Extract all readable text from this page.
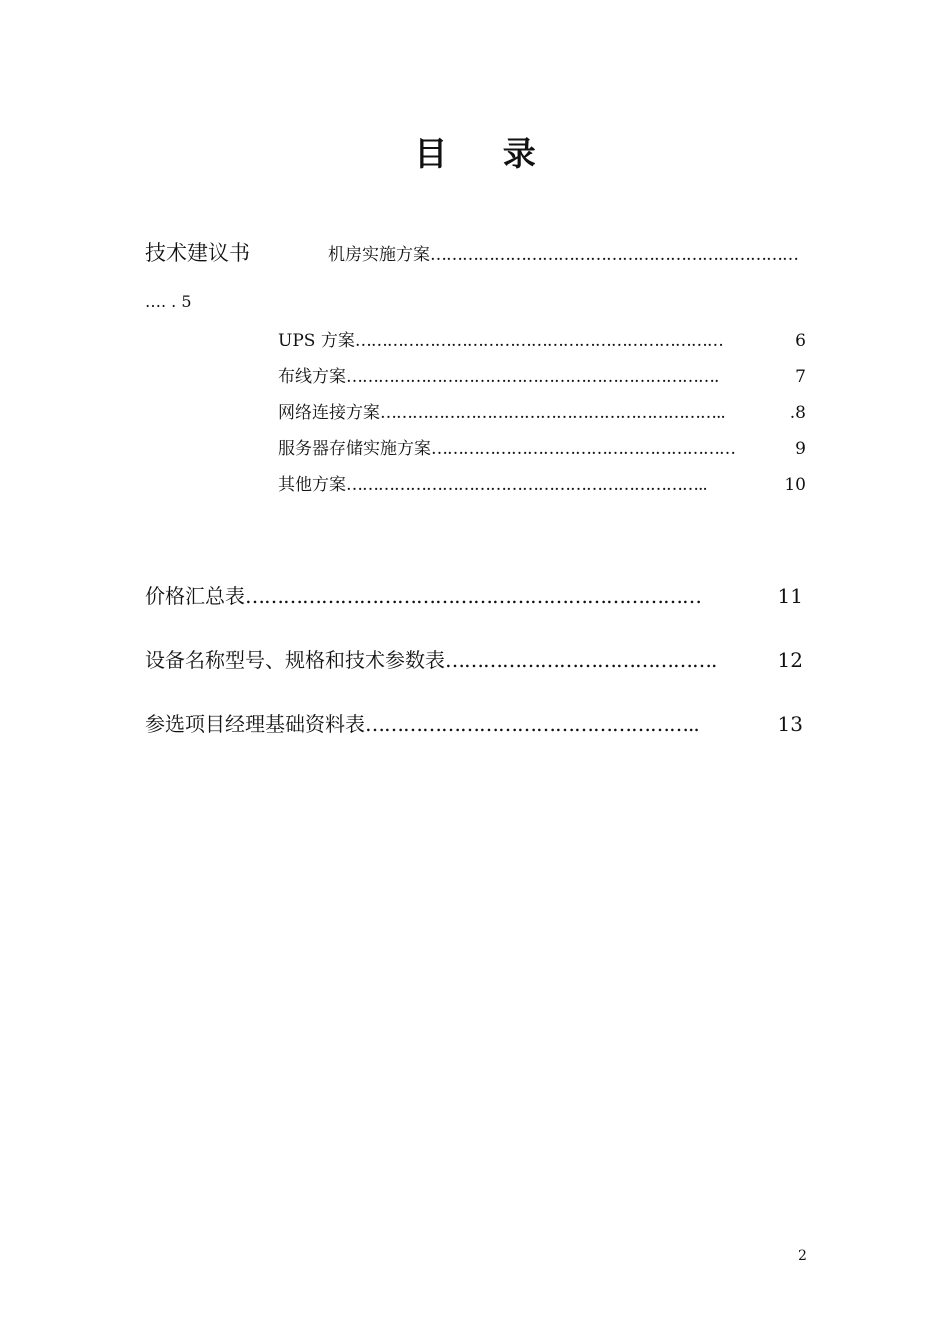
目 录
技术建议书	机房实施方案 ……………………………………………………………
…. . 5
UPS 方案 ……………………………………………………………	6
布线方案 …………………………………………………………….	7
网络连接方案 ………………………………………………………..	.8
服务器存储实施方案 …………………………………………………	9
其他方案 …………………………………………………………..	10
价格汇总表 ………………………………………………………………	11
设备名称型号、规格和技术参数表 …………………………………….	12
参选项目经理基础资料表 ……………………………………………..	13
2
